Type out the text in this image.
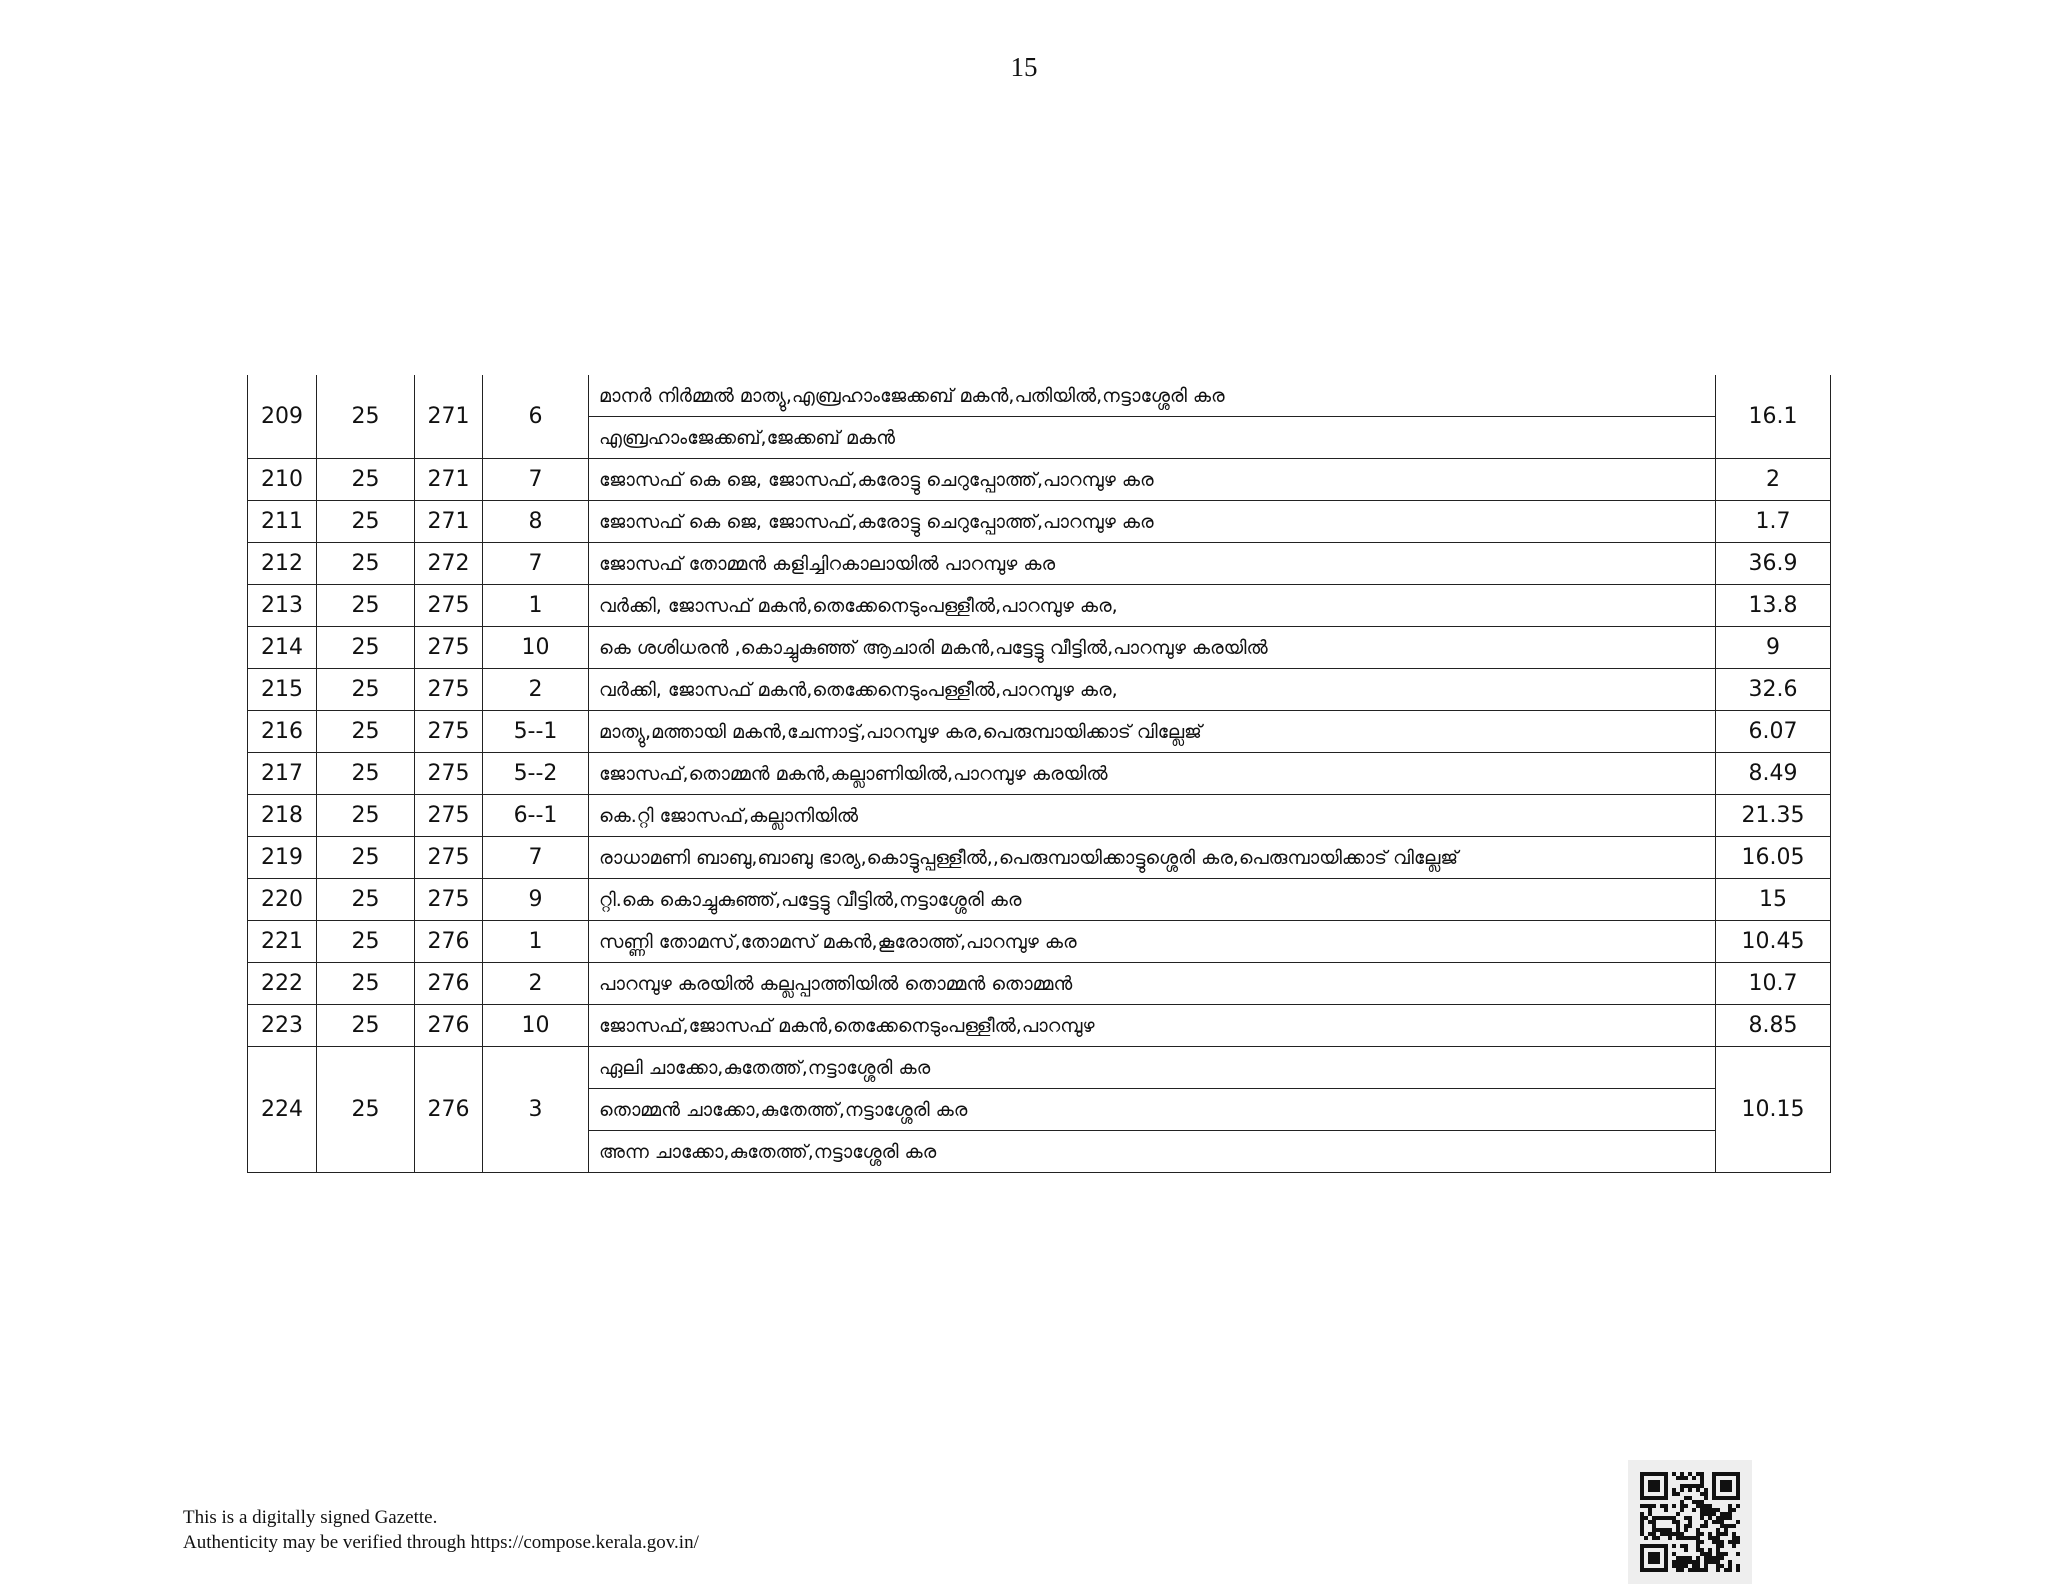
15
209	25	271	6	മാനർ നിർമ്മൽ മാത്യു,എബ്രഹാംജേക്കബ് മകൻ,പതിയിൽ,നട്ടാശ്ശേരി കര	16.1
				എബ്രഹാംജേക്കബ്,ജേക്കബ് മകൻ	
210	25	271	7	ജോസഫ് കെ ജെ, ജോസഫ്,കരോട്ടു ചെറുപ്പോത്ത്,പാറമ്പുഴ കര	2
211	25	271	8	ജോസഫ് കെ ജെ, ജോസഫ്,കരോട്ടു ചെറുപ്പോത്ത്,പാറമ്പുഴ കര	1.7
212	25	272	7	ജോസഫ് തോമ്മൻ കളിച്ചിറകാലായിൽ പാറമ്പുഴ കര	36.9
213	25	275	1	വർക്കി, ജോസഫ് മകൻ,തെക്കേനെടുംപള്ളീൽ,പാറമ്പുഴ കര,	13.8
214	25	275	10	കെ ശശിധരൻ ,കൊച്ചുകുഞ്ഞ് ആചാരി മകൻ,പട്ടേട്ടു വീട്ടിൽ,പാറമ്പുഴ കരയിൽ	9
215	25	275	2	വർക്കി, ജോസഫ് മകൻ,തെക്കേനെടുംപള്ളീൽ,പാറമ്പുഴ കര,	32.6
216	25	275	5--1	മാത്യു,മത്തായി മകൻ,ചേന്നാട്ട്,പാറമ്പുഴ കര,പെരുമ്പായിക്കാട് വില്ലേജ്	6.07
217	25	275	5--2	ജോസഫ്,തൊമ്മൻ മകൻ,കല്ലാണിയിൽ,പാറമ്പുഴ കരയിൽ	8.49
218	25	275	6--1	കെ.റ്റി ജോസഫ്,കല്ലാനിയിൽ	21.35
219	25	275	7	രാധാമണി ബാബു,ബാബു ഭാര്യ,കൊട്ടുപ്പള്ളീൽ,,പെരുമ്പായിക്കാട്ടുശ്ശെരി കര,പെരുമ്പായിക്കാട് വില്ലേജ്	16.05
220	25	275	9	റ്റി.കെ കൊച്ചുകുഞ്ഞ്,പട്ടേട്ടു വീട്ടിൽ,നട്ടാശ്ശേരി കര	15
221	25	276	1	സണ്ണി തോമസ്,തോമസ് മകൻ,കൂരോത്ത്,പാറമ്പുഴ കര	10.45
222	25	276	2	പാറമ്പുഴ കരയിൽ കല്ലപ്പാത്തിയിൽ തൊമ്മൻ തൊമ്മൻ	10.7
223	25	276	10	ജോസഫ്,ജോസഫ് മകൻ,തെക്കേനെടുംപള്ളീൽ,പാറമ്പുഴ	8.85
224	25	276	3	ഏലി ചാക്കോ,കുതേത്ത്,നട്ടാശ്ശേരി കര	10.15
				തൊമ്മൻ ചാക്കോ,കുതേത്ത്,നട്ടാശ്ശേരി കര	
				അന്ന ചാക്കോ,കുതേത്ത്,നട്ടാശ്ശേരി കര	
This is a digitally signed Gazette.
Authenticity may be verified through https://compose.kerala.gov.in/
